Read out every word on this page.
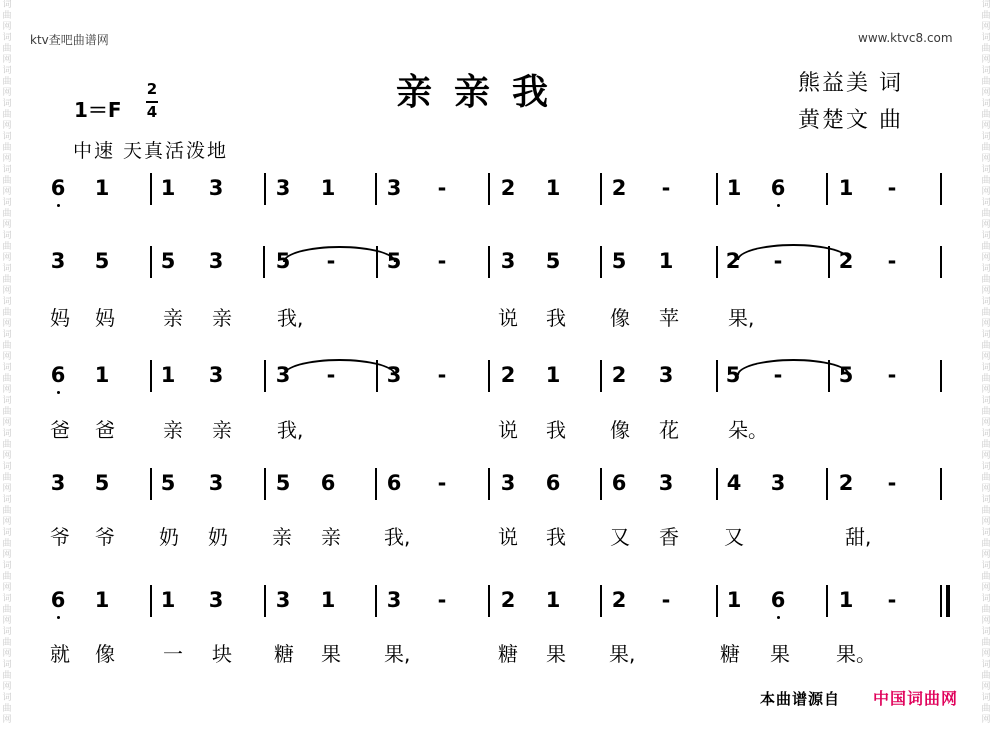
词
曲
网
词
曲
网
词
曲
网
词
曲
网
词
曲
网
词
曲
网
词
曲
网
词
曲
网
词
曲
网
词
曲
网
词
曲
网
词
曲
网
词
曲
网
词
曲
网
词
曲
网
词
曲
网
词
曲
网
词
曲
网
词
曲
网
词
曲
网
词
曲
网
词
曲
网
词
曲
网
词
曲
网
词
曲
网
词
曲
网
词
曲
网
词
曲
网
词
曲
网
词
曲
网
词
曲
网
词
曲
网
词
曲
网
词
曲
网
词
曲
网
词
曲
网
词
曲
网
词
曲
网
词
曲
网
词
曲
网
词
曲
网
词
曲
网
词
曲
网
词
曲
网
ktv查吧曲谱网	www.ktvc8.com
亲亲我	熊益美 词
黄楚文 曲
1＝F
2
4
中速 天真活泼地
6 1 1 3 3 1 3 -	2 1 2 -	1 6	1 -
3 5 5 3 5 - 5 -	3 5 5 1 2 -	2 -
妈 妈 亲 亲 我,	说 我 像 苹 果,
6 1 1 3 3 - 3 -	2 1 2 3 5 -	5 -
爸 爸 亲 亲 我,	说 我 像 花 朵。
3 5 5 3 5 6 6 -	3 6 6 3	4 3	2 -
爷 爷 奶 奶 亲 亲 我,	说 我 又 香 又	甜,
6 1 1 3 3 1 3 -	2 1 2 -	1 6	1 -
就 像 一 块 糖 果 果,	糖 果 果,	糖 果 果。
本曲谱源自 中国词曲网
